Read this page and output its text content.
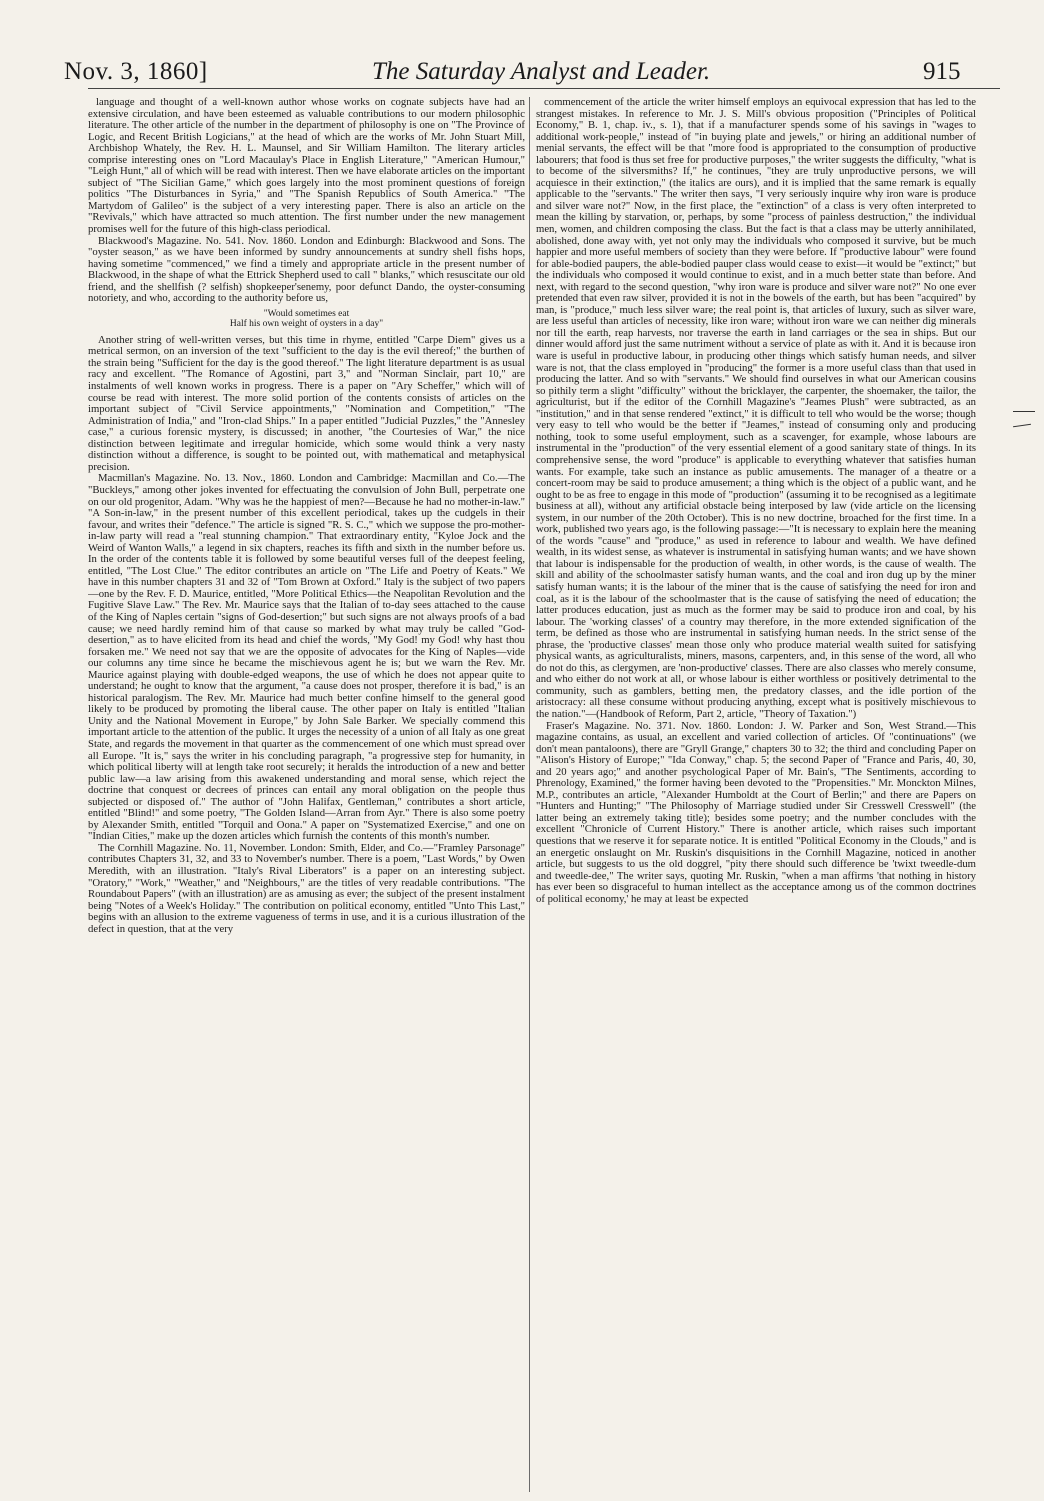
Nov. 3, 1860]	The Saturday Analyst and Leader.	915

language and thought of a well-known author whose works on cognate subjects have had an extensive circulation, and have been esteemed as valuable contributions to our modern philosophic literature. The other article of the number in the department of philosophy is one on "The Province of Logic, and Recent British Logicians," at the head of which are the works of Mr. John Stuart Mill, Archbishop Whately, the Rev. H. L. Maunsel, and Sir William Hamilton. The literary articles comprise interesting ones on "Lord Macaulay's Place in English Literature," "American Humour," "Leigh Hunt," all of which will be read with interest. Then we have elaborate articles on the important subject of "The Sicilian Game," which goes largely into the most prominent questions of foreign politics "The Disturbances in Syria," and "The Spanish Republics of South America." "The Martydom of Galileo" is the subject of a very interesting paper. There is also an article on the "Revivals," which have attracted so much attention. The first number under the new management promises well for the future of this high-class periodical.

Blackwood's Magazine. No. 541. Nov. 1860. London and Edinburgh: Blackwood and Sons. The "oyster season," as we have been informed by sundry announcements at sundry shell fishs hops, having sometime "commenced," we find a timely and appropriate article in the present number of Blackwood, in the shape of what the Ettrick Shepherd used to call " blanks," which resuscitate our old friend, and the shellfish (? selfish) shopkeeper'senemy, poor defunct Dando, the oyster-consuming notoriety, and who, according to the authority before us,

"Would sometimes eat
Half his own weight of oysters in a day"

Another string of well-written verses, but this time in rhyme, entitled "Carpe Diem" gives us a metrical sermon, on an inversion of the text "sufficient to the day is the evil thereof;" the burthen of the strain being "Sufficient for the day is the good thereof." The light literature department is as usual racy and excellent. "The Romance of Agostini, part 3," and "Norman Sinclair, part 10," are instalments of well known works in progress. There is a paper on "Ary Scheffer," which will of course be read with interest. The more solid portion of the contents consists of articles on the important subject of "Civil Service appointments," "Nomination and Competition," "The Administration of India," and "Iron-clad Ships." In a paper entitled "Judicial Puzzles," the "Annesley case," a curious forensic mystery, is discussed; in another, "the Courtesies of War," the nice distinction between legitimate and irregular homicide, which some would think a very nasty distinction without a difference, is sought to be pointed out, with mathematical and metaphysical precision.

Macmillan's Magazine. No. 13. Nov., 1860. London and Cambridge: Macmillan and Co.—The "Buckleys," among other jokes invented for effectuating the convulsion of John Bull, perpetrate one on our old progenitor, Adam. "Why was he the happiest of men?—Because he had no mother-in-law." "A Son-in-law," in the present number of this excellent periodical, takes up the cudgels in their favour, and writes their "defence." The article is signed "R. S. C.," which we suppose the pro-mother-in-law party will read a "real stunning champion." That extraordinary entity, "Kyloe Jock and the Weird of Wanton Walls," a legend in six chapters, reaches its fifth and sixth in the number before us. In the order of the contents table it is followed by some beautiful verses full of the deepest feeling, entitled, "The Lost Clue." The editor contributes an article on "The Life and Poetry of Keats." We have in this number chapters 31 and 32 of "Tom Brown at Oxford." Italy is the subject of two papers—one by the Rev. F. D. Maurice, entitled, "More Political Ethics—the Neapolitan Revolution and the Fugitive Slave Law." The Rev. Mr. Maurice says that the Italian of to-day sees attached to the cause of the King of Naples certain "signs of God-desertion;" but such signs are not always proofs of a bad cause; we need hardly remind him of that cause so marked by what may truly be called "God-desertion," as to have elicited from its head and chief the words, "My God! my God! why hast thou forsaken me." We need not say that we are the opposite of advocates for the King of Naples—vide our columns any time since he became the mischievous agent he is; but we warn the Rev. Mr. Maurice against playing with double-edged weapons, the use of which he does not appear quite to understand; he ought to know that the argument, "a cause does not prosper, therefore it is bad," is an historical paralogism. The Rev. Mr. Maurice had much better confine himself to the general good likely to be produced by promoting the liberal cause. The other paper on Italy is entitled "Italian Unity and the National Movement in Europe," by John Sale Barker. We specially commend this important article to the attention of the public. It urges the necessity of a union of all Italy as one great State, and regards the movement in that quarter as the commencement of one which must spread over all Europe. "It is," says the writer in his concluding paragraph, "a progressive step for humanity, in which political liberty will at length take root securely; it heralds the introduction of a new and better public law—a law arising from this awakened understanding and moral sense, which reject the doctrine that conquest or decrees of princes can entail any moral obligation on the people thus subjected or disposed of." The author of "John Halifax, Gentleman," contributes a short article, entitled "Blind!" and some poetry, "The Golden Island—Arran from Ayr." There is also some poetry by Alexander Smith, entitled "Torquil and Oona." A paper on "Systematized Exercise," and one on "Indian Cities," make up the dozen articles which furnish the contents of this month's number.

The Cornhill Magazine. No. 11, November. London: Smith, Elder, and Co.—"Framley Parsonage" contributes Chapters 31, 32, and 33 to November's number. There is a poem, "Last Words," by Owen Meredith, with an illustration. "Italy's Rival Liberators" is a paper on an interesting subject. "Oratory," "Work," "Weather," and "Neighbours," are the titles of very readable contributions. "The Roundabout Papers" (with an illustration) are as amusing as ever; the subject of the present instalment being "Notes of a Week's Holiday." The contribution on political economy, entitled "Unto This Last," begins with an allusion to the extreme vagueness of terms in use, and it is a curious illustration of the defect in question, that at the very

commencement of the article the writer himself employs an equivocal expression that has led to the strangest mistakes. In reference to Mr. J. S. Mill's obvious proposition ("Principles of Political Economy," B. 1, chap. iv., s. 1), that if a manufacturer spends some of his savings in "wages to additional work-people," instead of "in buying plate and jewels," or hiring an additional number of menial servants, the effect will be that "more food is appropriated to the consumption of productive labourers; that food is thus set free for productive purposes," the writer suggests the difficulty, "what is to become of the silversmiths? If," he continues, "they are truly unproductive persons, we will acquiesce in their extinction," (the italics are ours), and it is implied that the same remark is equally applicable to the "servants." The writer then says, "I very seriously inquire why iron ware is produce and silver ware not?" Now, in the first place, the "extinction" of a class is very often interpreted to mean the killing by starvation, or, perhaps, by some "process of painless destruction," the individual men, women, and children composing the class. But the fact is that a class may be utterly annihilated, abolished, done away with, yet not only may the individuals who composed it survive, but be much happier and more useful members of society than they were before. If "productive labour" were found for able-bodied paupers, the able-bodied pauper class would cease to exist—it would be "extinct;" but the individuals who composed it would continue to exist, and in a much better state than before. And next, with regard to the second question, "why iron ware is produce and silver ware not?" No one ever pretended that even raw silver, provided it is not in the bowels of the earth, but has been "acquired" by man, is "produce," much less silver ware; the real point is, that articles of luxury, such as silver ware, are less useful than articles of necessity, like iron ware; without iron ware we can neither dig minerals nor till the earth, reap harvests, nor traverse the earth in land carriages or the sea in ships. But our dinner would afford just the same nutriment without a service of plate as with it. And it is because iron ware is useful in productive labour, in producing other things which satisfy human needs, and silver ware is not, that the class employed in "producing" the former is a more useful class than that used in producing the latter. And so with "servants." We should find ourselves in what our American cousins so pithily term a slight "difficulty" without the bricklayer, the carpenter, the shoemaker, the tailor, the agriculturist, but if the editor of the Cornhill Magazine's "Jeames Plush" were subtracted, as an "institution," and in that sense rendered "extinct," it is difficult to tell who would be the worse; though very easy to tell who would be the better if "Jeames," instead of consuming only and producing nothing, took to some useful employment, such as a scavenger, for example, whose labours are instrumental in the "production" of the very essential element of a good sanitary state of things. In its comprehensive sense, the word "produce" is applicable to everything whatever that satisfies human wants. For example, take such an instance as public amusements. The manager of a theatre or a concert-room may be said to produce amusement; a thing which is the object of a public want, and he ought to be as free to engage in this mode of "production" (assuming it to be recognised as a legitimate business at all), without any artificial obstacle being interposed by law (vide article on the licensing system, in our number of the 20th October). This is no new doctrine, broached for the first time. In a work, published two years ago, is the following passage:—"It is necessary to explain here the meaning of the words "cause" and "produce," as used in reference to labour and wealth. We have defined wealth, in its widest sense, as whatever is instrumental in satisfying human wants; and we have shown that labour is indispensable for the production of wealth, in other words, is the cause of wealth. The skill and ability of the schoolmaster satisfy human wants, and the coal and iron dug up by the miner satisfy human wants; it is the labour of the miner that is the cause of satisfying the need for iron and coal, as it is the labour of the schoolmaster that is the cause of satisfying the need of education; the latter produces education, just as much as the former may be said to produce iron and coal, by his labour. The 'working classes' of a country may therefore, in the more extended signification of the term, be defined as those who are instrumental in satisfying human needs. In the strict sense of the phrase, the 'productive classes' mean those only who produce material wealth suited for satisfying physical wants, as agriculturalists, miners, masons, carpenters, and, in this sense of the word, all who do not do this, as clergymen, are 'non-productive' classes. There are also classes who merely consume, and who either do not work at all, or whose labour is either worthless or positively detrimental to the community, such as gamblers, betting men, the predatory classes, and the idle portion of the aristocracy: all these consume without producing anything, except what is positively mischievous to the nation."—(Handbook of Reform, Part 2, article, "Theory of Taxation.")

Fraser's Magazine. No. 371. Nov. 1860. London: J. W. Parker and Son, West Strand.—This magazine contains, as usual, an excellent and varied collection of articles. Of "continuations" (we don't mean pantaloons), there are "Gryll Grange," chapters 30 to 32; the third and concluding Paper on "Alison's History of Europe;" "Ida Conway," chap. 5; the second Paper of "France and Paris, 40, 30, and 20 years ago;" and another psychological Paper of Mr. Bain's, "The Sentiments, according to Phrenology, Examined," the former having been devoted to the "Propensities." Mr. Monckton Milnes, M.P., contributes an article, "Alexander Humboldt at the Court of Berlin;" and there are Papers on "Hunters and Hunting;" "The Philosophy of Marriage studied under Sir Cresswell Cresswell" (the latter being an extremely taking title); besides some poetry; and the number concludes with the excellent "Chronicle of Current History." There is another article, which raises such important questions that we reserve it for separate notice. It is entitled "Political Economy in the Clouds," and is an energetic onslaught on Mr. Ruskin's disquisitions in the Cornhill Magazine, noticed in another article, but suggests to us the old doggrel, "pity there should such difference be 'twixt tweedle-dum and tweedle-dee," The writer says, quoting Mr. Ruskin, "when a man affirms 'that nothing in history has ever been so disgraceful to human intellect as the acceptance among us of the common doctrines of political economy,' he may at least be expected
